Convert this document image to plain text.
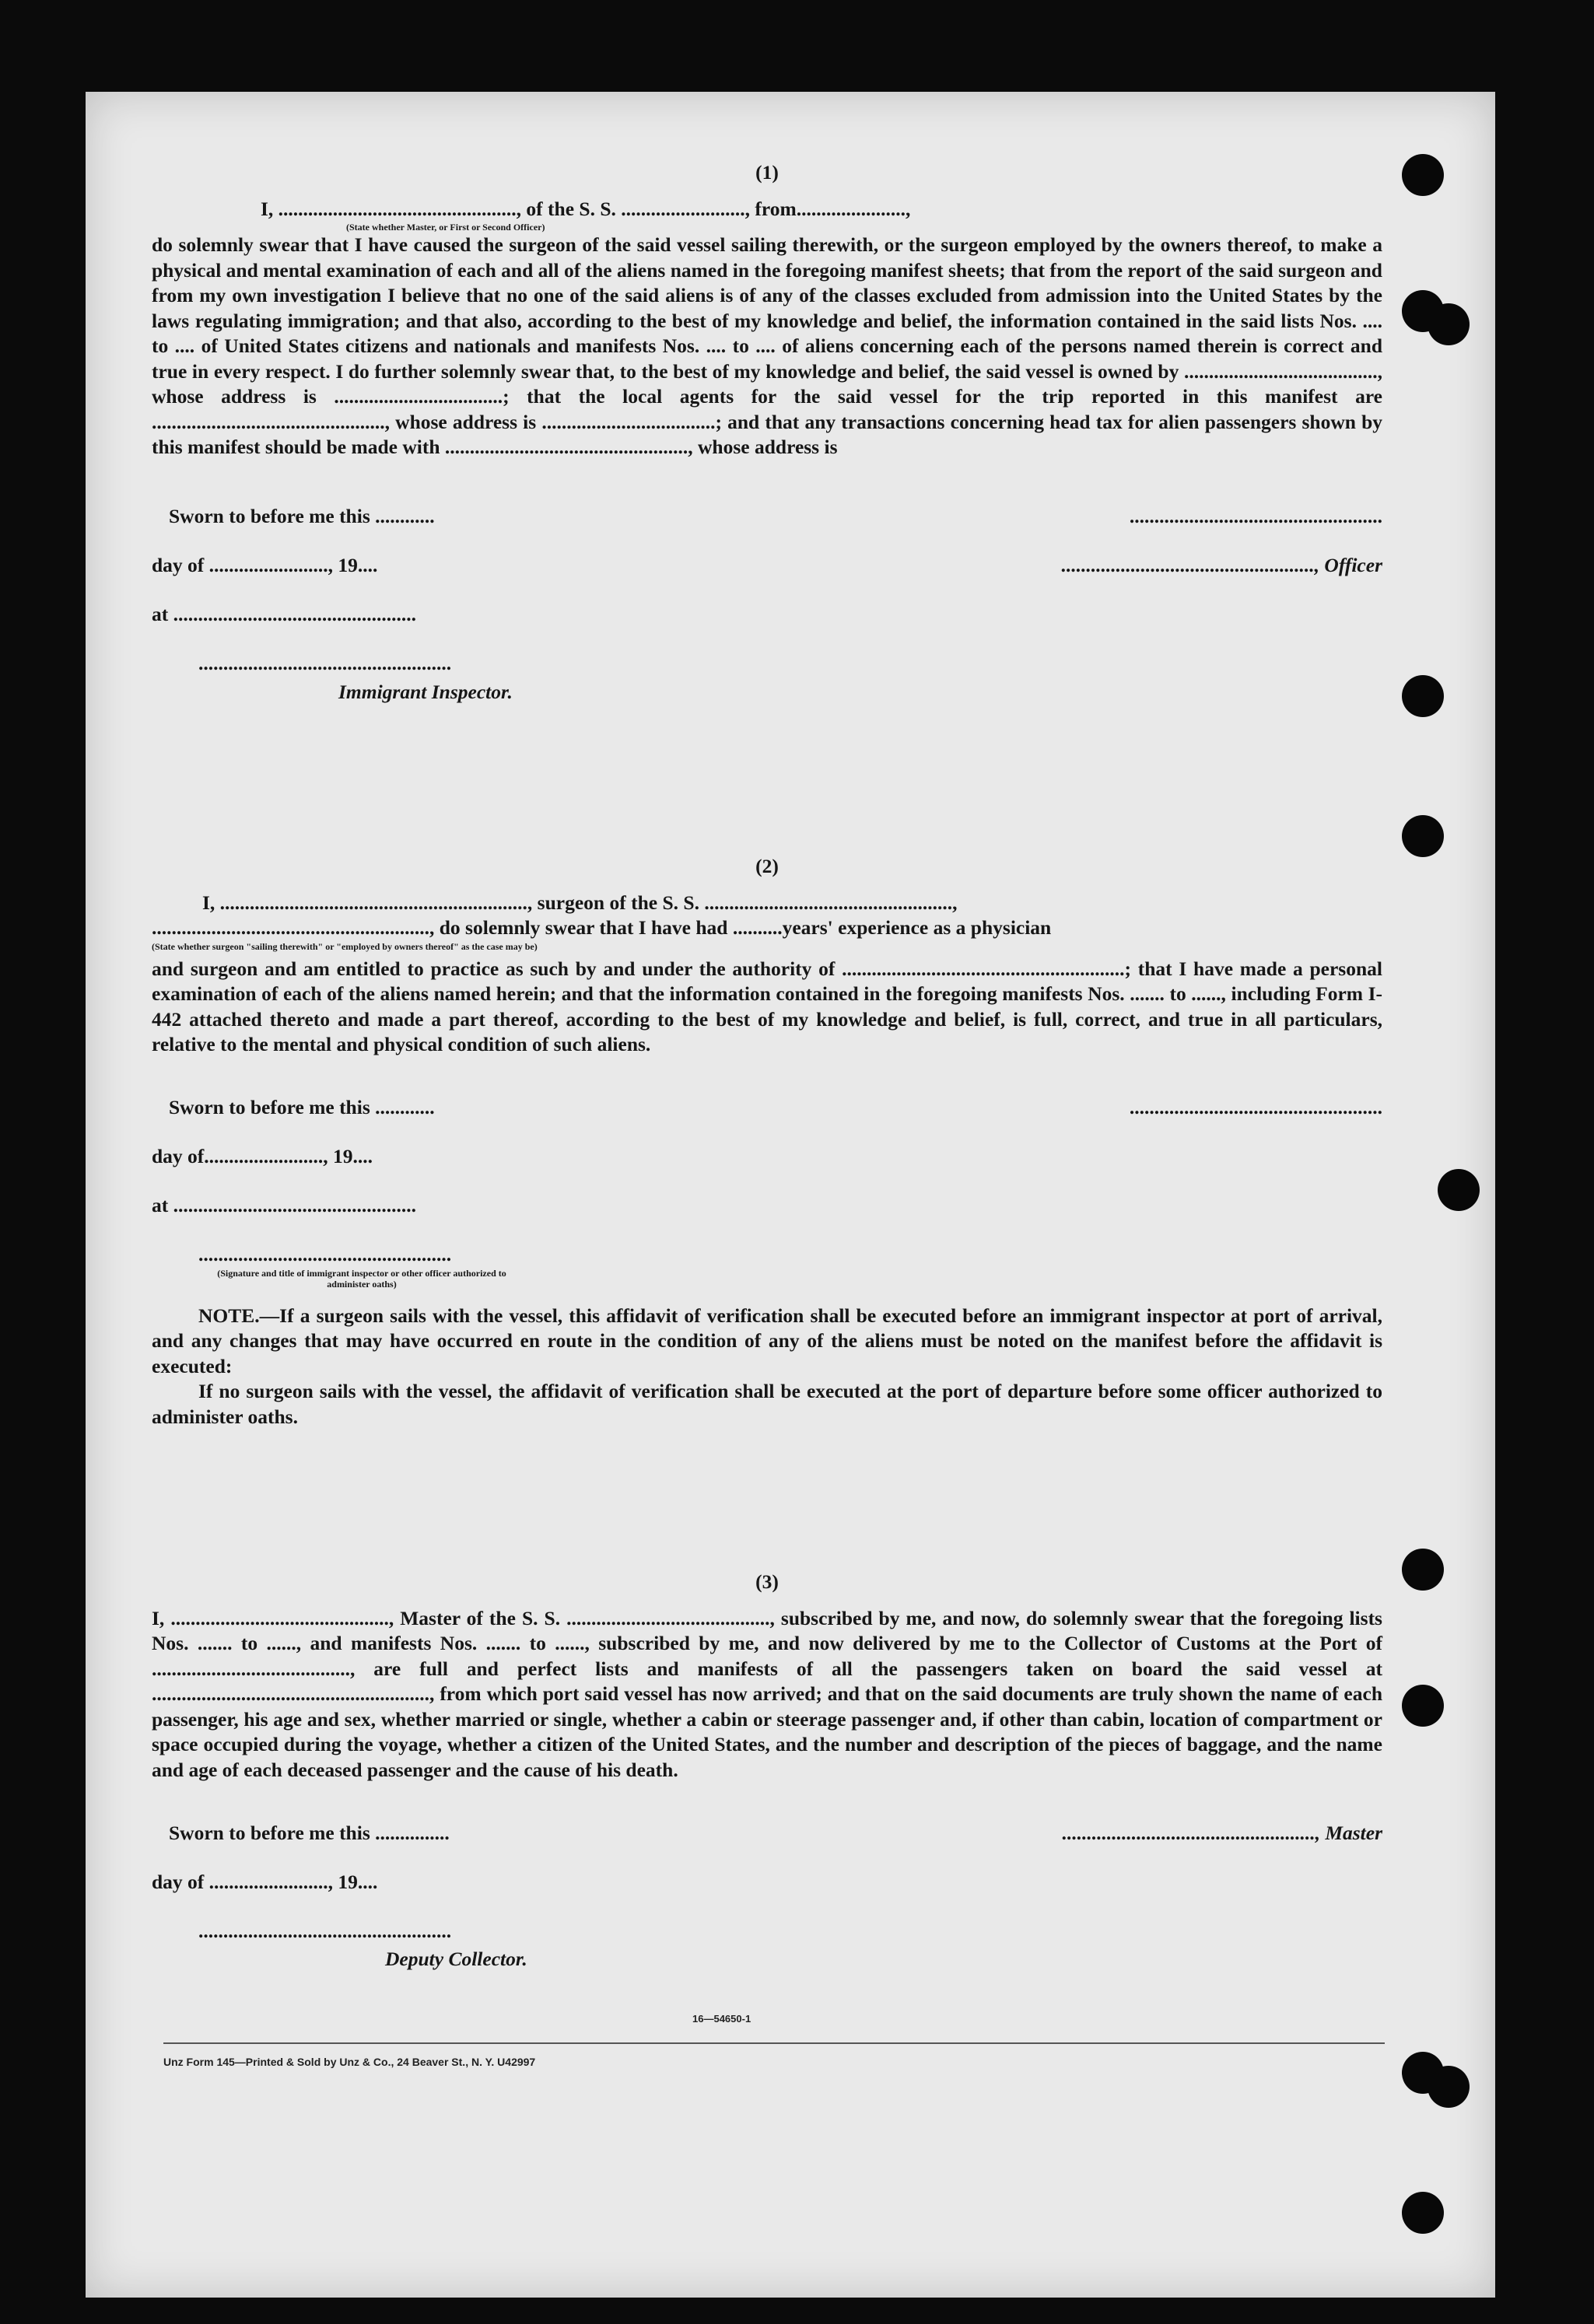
(1)
I, ................................................, of the S. S. ........................., from......................,
(State whether Master, or First or Second Officer)

do solemnly swear that I have caused the surgeon of the said vessel sailing therewith, or the surgeon employed by the owners thereof, to make a physical and mental examination of each and all of the aliens named in the foregoing manifest sheets; that from the report of the said surgeon and from my own investigation I believe that no one of the said aliens is of any of the classes excluded from admission into the United States by the laws regulating immigration; and that also, according to the best of my knowledge and belief, the information contained in the said lists Nos. .... to .... of United States citizens and nationals and manifests Nos. .... to .... of aliens concerning each of the persons named therein is correct and true in every respect. I do further solemnly swear that, to the best of my knowledge and belief, the said vessel is owned by ......................................., whose address is ..................................; that the local agents for the said vessel for the trip reported in this manifest are ..............................................., whose address is ...................................; and that any transactions concerning head tax for alien passengers shown by this manifest should be made with ................................................., whose address is

Sworn to before me this ............
day of ........................, 19....
at .................................................
...................................................
Immigrant Inspector.
...................................................
..................................................., Officer
(2)
I, .............................................................., surgeon of the S. S. ..................................................,
........................................................, do solemnly swear that I have had ..........years' experience as a physician
(State whether surgeon "sailing therewith" or "employed by owners thereof" as the case may be)

and surgeon and am entitled to practice as such by and under the authority of .........................................................; that I have made a personal examination of each of the aliens named herein; and that the information contained in the foregoing manifests Nos. ....... to ......, including Form I-442 attached thereto and made a part thereof, according to the best of my knowledge and belief, is full, correct, and true in all particulars, relative to the mental and physical condition of such aliens.

Sworn to before me this ............
day of........................, 19....
at .................................................
...................................................
(Signature and title of immigrant inspector or other officer authorized to administer oaths)
...................................................

NOTE.—If a surgeon sails with the vessel, this affidavit of verification shall be executed before an immigrant inspector at port of arrival, and any changes that may have occurred en route in the condition of any of the aliens must be noted on the manifest before the affidavit is executed:

If no surgeon sails with the vessel, the affidavit of verification shall be executed at the port of departure before some officer authorized to administer oaths.

(3)

I, ............................................, Master of the S. S. ........................................., subscribed by me, and now, do solemnly swear that the foregoing lists Nos. ....... to ......, and manifests Nos. ....... to ......, subscribed by me, and now delivered by me to the Collector of Customs at the Port of ........................................, are full and perfect lists and manifests of all the passengers taken on board the said vessel at ........................................................, from which port said vessel has now arrived; and that on the said documents are truly shown the name of each passenger, his age and sex, whether married or single, whether a cabin or steerage passenger and, if other than cabin, location of compartment or space occupied during the voyage, whether a citizen of the United States, and the number and description of the pieces of baggage, and the name and age of each deceased passenger and the cause of his death.

Sworn to before me this ...............
day of ........................, 19....
...................................................
Deputy Collector.
..................................................., Master
16—54650-1
Unz Form 145—Printed & Sold by Unz & Co., 24 Beaver St., N. Y. U42997
